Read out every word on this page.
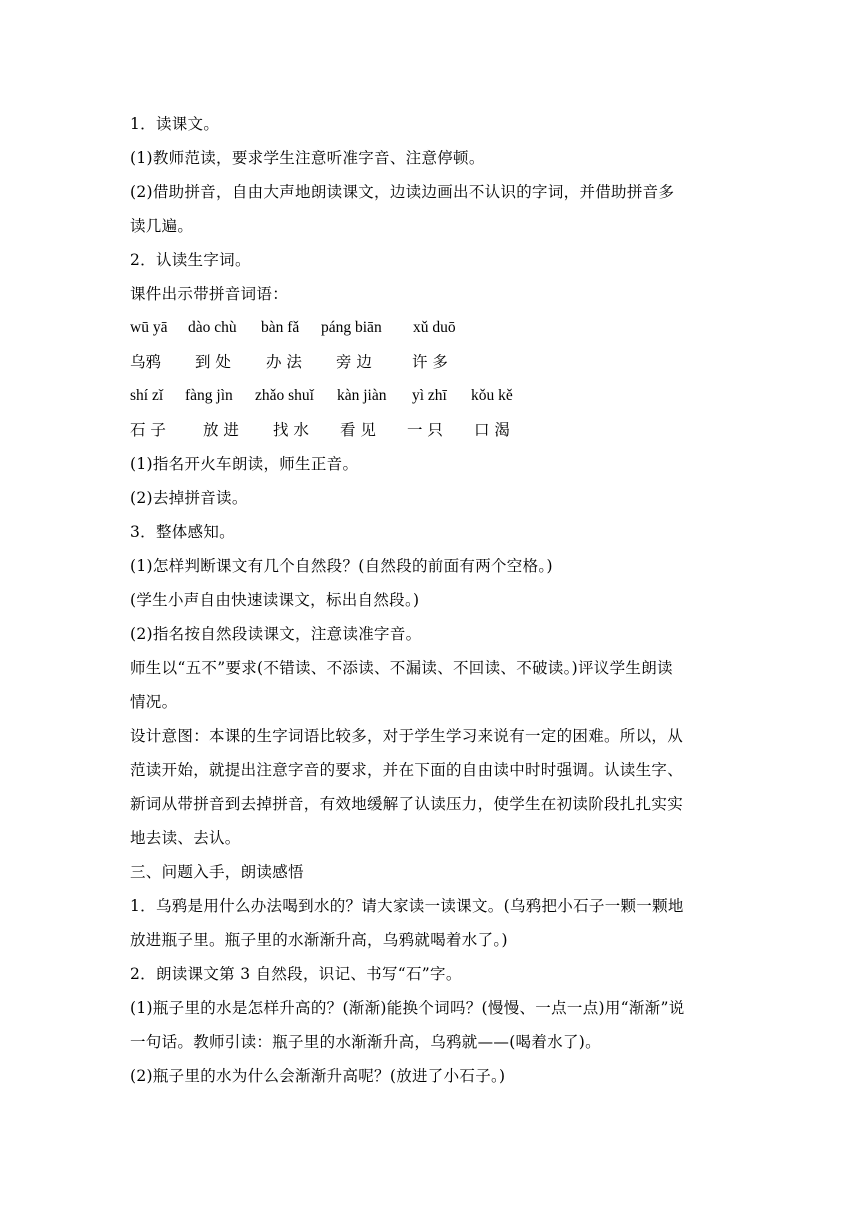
1．读课文。
(1)教师范读，要求学生注意听准字音、注意停顿。
(2)借助拼音，自由大声地朗读课文，边读边画出不认识的字词，并借助拼音多
读几遍。
2．认读生字词。
课件出示带拼音词语：
wū yā dào chù bàn fǎ páng biān xǔ duō
乌鸦 到 处 办 法 旁 边	许 多
shí zǐ fàng jìn zhǎo shuǐ kàn jiàn yì zhī kǒu kě
石 子 放 进 找 水 看 见 一 只 口 渴
(1)指名开火车朗读，师生正音。
(2)去掉拼音读。
3．整体感知。
(1)怎样判断课文有几个自然段？(自然段的前面有两个空格。)
(学生小声自由快速读课文，标出自然段。)
(2)指名按自然段读课文，注意读准字音。
师生以“五不”要求(不错读、不添读、不漏读、不回读、不破读。)评议学生朗读
情况。
设计意图：本课的生字词语比较多，对于学生学习来说有一定的困难。所以，从
范读开始，就提出注意字音的要求，并在下面的自由读中时时强调。认读生字、
新词从带拼音到去掉拼音，有效地缓解了认读压力，使学生在初读阶段扎扎实实
地去读、去认。
三、问题入手，朗读感悟
1．乌鸦是用什么办法喝到水的？请大家读一读课文。(乌鸦把小石子一颗一颗地
放进瓶子里。瓶子里的水渐渐升高，乌鸦就喝着水了。)
2．朗读课文第 3 自然段，识记、书写“石”字。
(1)瓶子里的水是怎样升高的？(渐渐)能换个词吗？(慢慢、一点一点)用“渐渐”说
一句话。教师引读：瓶子里的水渐渐升高，乌鸦就——(喝着水了)。
(2)瓶子里的水为什么会渐渐升高呢？(放进了小石子。)
